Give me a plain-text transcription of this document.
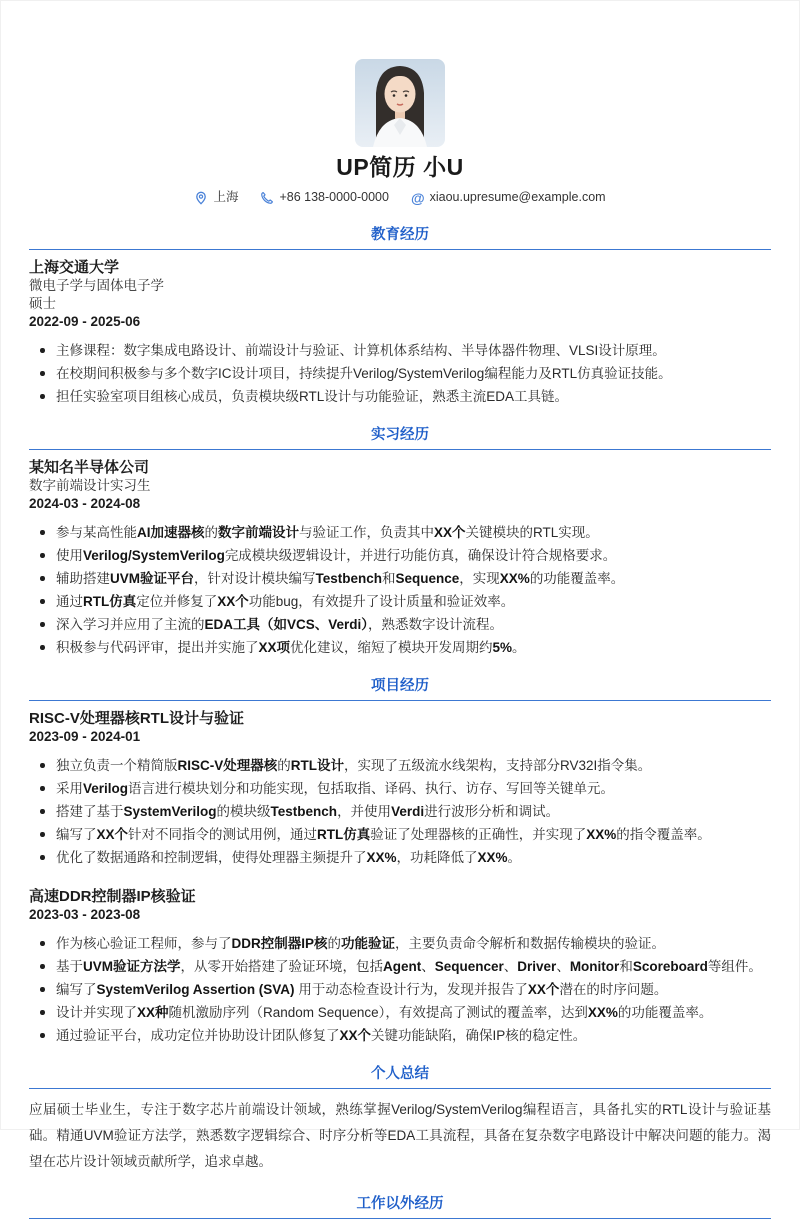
UP简历 小U
上海	+86 138-0000-0000 @ xiaou.upresume@example.com
教育经历
上海交通大学
微电子学与固体电子学
硕士
2022-09 - 2025-06
主修课程：数字集成电路设计、前端设计与验证、计算机体系结构、半导体器件物理、VLSI设计原理。
在校期间积极参与多个数字IC设计项目，持续提升Verilog/SystemVerilog编程能力及RTL仿真验证技能。
担任实验室项目组核心成员，负责模块级RTL设计与功能验证，熟悉主流EDA工具链。
实习经历
某知名半导体公司
数字前端设计实习生
2024-03 - 2024-08
参与某高性能AI加速器核的数字前端设计与验证工作，负责其中XX个关键模块的RTL实现。
使用Verilog/SystemVerilog完成模块级逻辑设计，并进行功能仿真，确保设计符合规格要求。
辅助搭建UVM验证平台，针对设计模块编写Testbench和Sequence，实现XX%的功能覆盖率。
通过RTL仿真定位并修复了XX个功能bug，有效提升了设计质量和验证效率。
深入学习并应用了主流的EDA工具（如VCS、Verdi），熟悉数字设计流程。
积极参与代码评审，提出并实施了XX项优化建议，缩短了模块开发周期约5%。
项目经历
RISC-V处理器核RTL设计与验证
2023-09 - 2024-01
独立负责一个精简版RISC-V处理器核的RTL设计，实现了五级流水线架构，支持部分RV32I指令集。
采用Verilog语言进行模块划分和功能实现，包括取指、译码、执行、访存、写回等关键单元。
搭建了基于SystemVerilog的模块级Testbench，并使用Verdi进行波形分析和调试。
编写了XX个针对不同指令的测试用例，通过RTL仿真验证了处理器核的正确性，并实现了XX%的指令覆盖率。
优化了数据通路和控制逻辑，使得处理器主频提升了XX%，功耗降低了XX%。
高速DDR控制器IP核验证
2023-03 - 2023-08
作为核心验证工程师，参与了DDR控制器IP核的功能验证，主要负责命令解析和数据传输模块的验证。
基于UVM验证方法学，从零开始搭建了验证环境，包括Agent、Sequencer、Driver、Monitor和Scoreboard等组件。
编写了SystemVerilog Assertion (SVA) 用于动态检查设计行为，发现并报告了XX个潜在的时序问题。
设计并实现了XX种随机激励序列（Random Sequence），有效提高了测试的覆盖率，达到XX%的功能覆盖率。
通过验证平台，成功定位并协助设计团队修复了XX个关键功能缺陷，确保IP核的稳定性。
个人总结
应届硕士毕业生，专注于数字芯片前端设计领域，熟练掌握Verilog/SystemVerilog编程语言，具备扎实的RTL设计与验证基础。精通UVM验证方法学，熟悉数字逻辑综合、时序分析等EDA工具流程，具备在复杂数字电路设计中解决问题的能力。渴望在芯片设计领域贡献所学，追求卓越。
工作以外经历
